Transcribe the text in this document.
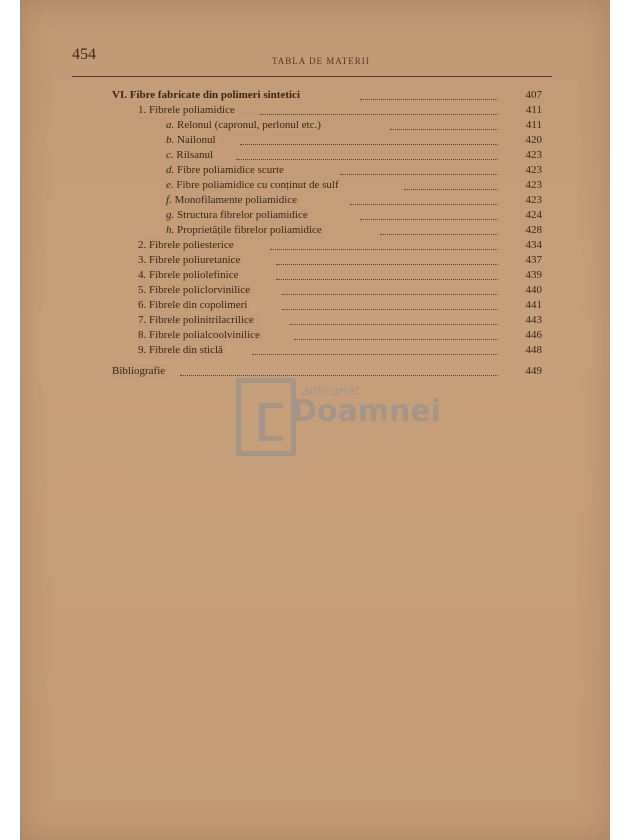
454	TABLA DE MATERII
VI. Fibre fabricate din polimeri sintetici	407
1. Fibrele poliamidice	411
a. Relonul (capronul, perlonul etc.)	411
b. Nailonul	420
c. Rilsanul	423
d. Fibre poliamidice scurte	423
e. Fibre poliamidice cu conținut de sulf	423
f. Monofilamente poliamidice	423
g. Structura fibrelor poliamidice	424
h. Proprietățile fibrelor poliamidice	428
2. Fibrele poliesterice	434
3. Fibrele poliuretanice	437
4. Fibrele poliolefinice	439
5. Fibrele policlorvinilice	440
6. Fibrele din copolimeri	441
7. Fibrele polinitrilacrilice	443
8. Fibrele polialcoolvinilice	446
9. Fibrele din sticlă	448
Bibliografie	449
anticariat
Doamnei
